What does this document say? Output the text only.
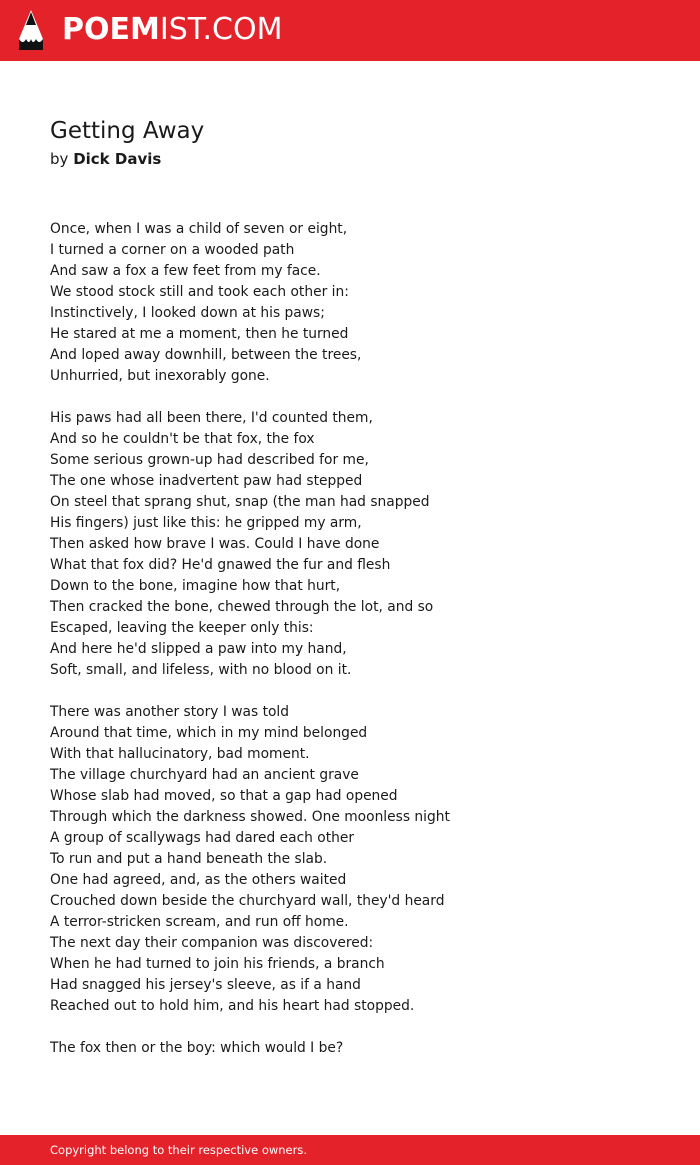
POEMIST.COM
Getting Away
by Dick Davis
Once, when I was a child of seven or eight,
I turned a corner on a wooded path
And saw a fox a few feet from my face.
We stood stock still and took each other in:
Instinctively, I looked down at his paws;
He stared at me a moment, then he turned
And loped away downhill, between the trees,
Unhurried, but inexorably gone.
His paws had all been there, I'd counted them,
And so he couldn't be that fox, the fox
Some serious grown-up had described for me,
The one whose inadvertent paw had stepped
On steel that sprang shut, snap (the man had snapped
His fingers) just like this: he gripped my arm,
Then asked how brave I was. Could I have done
What that fox did? He'd gnawed the fur and flesh
Down to the bone, imagine how that hurt,
Then cracked the bone, chewed through the lot, and so
Escaped, leaving the keeper only this:
And here he'd slipped a paw into my hand,
Soft, small, and lifeless, with no blood on it.
There was another story I was told
Around that time, which in my mind belonged
With that hallucinatory, bad moment.
The village churchyard had an ancient grave
Whose slab had moved, so that a gap had opened
Through which the darkness showed. One moonless night
A group of scallywags had dared each other
To run and put a hand beneath the slab.
One had agreed, and, as the others waited
Crouched down beside the churchyard wall, they'd heard
A terror-stricken scream, and run off home.
The next day their companion was discovered:
When he had turned to join his friends, a branch
Had snagged his jersey's sleeve, as if a hand
Reached out to hold him, and his heart had stopped.
The fox then or the boy: which would I be?
Copyright belong to their respective owners.
